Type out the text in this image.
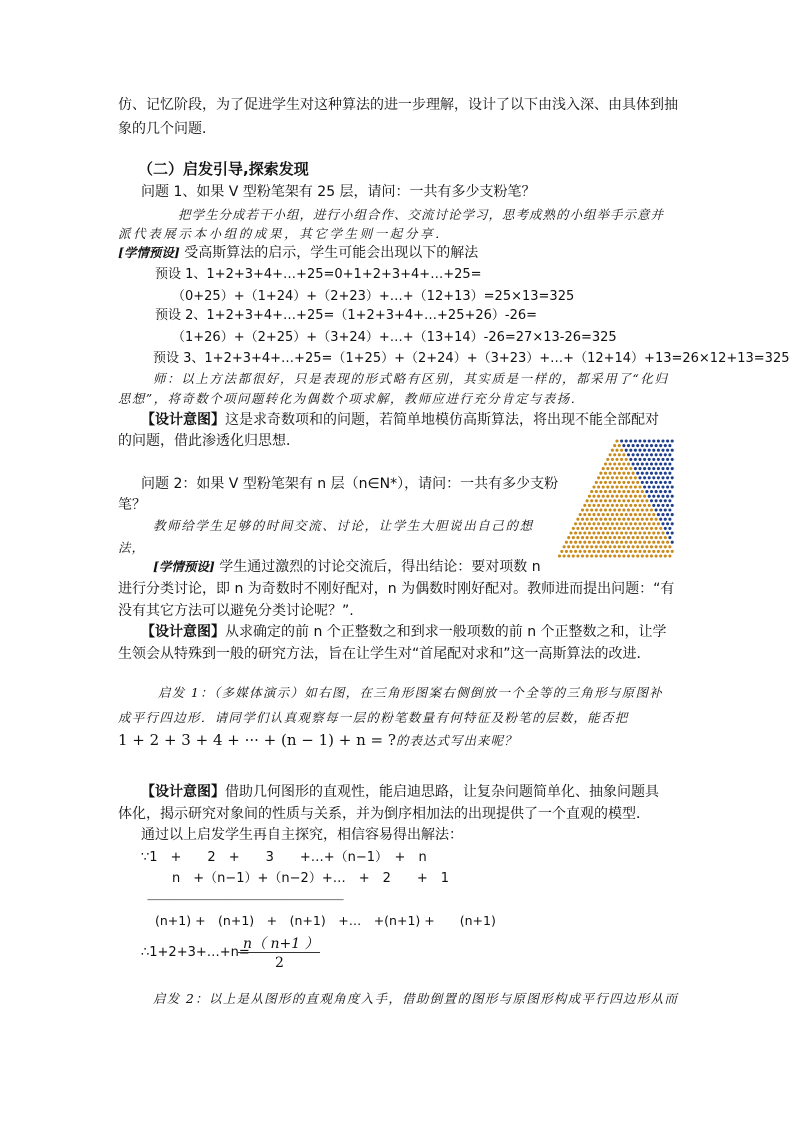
仿、记忆阶段，为了促进学生对这种算法的进一步理解，设计了以下由浅入深、由具体到抽
象的几个问题．
（二）启发引导,探索发现
问题 1、如果 V 型粉笔架有 25 层，请问：一共有多少支粉笔？
把学生分成若干小组，进行小组合作、交流讨论学习，思考成熟的小组举手示意并
派代表展示本小组的成果，其它学生则一起分享．
[学情预设] 受高斯算法的启示，学生可能会出现以下的解法
预设 1、1+2+3+4+…+25=0+1+2+3+4+…+25=
（0+25）+（1+24）+（2+23）+…+（12+13）=25×13=325
预设 2、1+2+3+4+…+25=（1+2+3+4+…+25+26）-26=
（1+26）+（2+25）+（3+24）+…+（13+14）-26=27×13-26=325
预设 3、1+2+3+4+…+25=（1+25）+（2+24）+（3+23）+…+（12+14）+13=26×12+13=325
师：以上方法都很好，只是表现的形式略有区别，其实质是一样的，都采用了“化归
思想”，将奇数个项问题转化为偶数个项求解，教师应进行充分肯定与表扬．
【设计意图】这是求奇数项和的问题，若简单地模仿高斯算法，将出现不能全部配对
的问题，借此渗透化归思想．
问题 2：如果 V 型粉笔架有 n 层（n∈N*），请问：一共有多少支粉
笔？
教师给学生足够的时间交流、讨论，让学生大胆说出自己的想
法，
[学情预设] 学生通过激烈的讨论交流后，得出结论：要对项数 n
进行分类讨论，即 n 为奇数时不刚好配对，n 为偶数时刚好配对。教师进而提出问题：“有
没有其它方法可以避免分类讨论呢？”.
【设计意图】从求确定的前 n 个正整数之和到求一般项数的前 n 个正整数之和，让学
生领会从特殊到一般的研究方法，旨在让学生对“首尾配对求和”这一高斯算法的改进．
启发 1：（多媒体演示）如右图，在三角形图案右侧倒放一个全等的三角形与原图补
成平行四边形．请同学们认真观察每一层的粉笔数量有何特征及粉笔的层数，能否把
1 + 2 + 3 + 4 + ··· + (n − 1) + n = ?的表达式写出来呢？
【设计意图】借助几何图形的直观性，能启迪思路，让复杂问题简单化、抽象问题具
体化，揭示研究对象间的性质与关系，并为倒序相加法的出现提供了一个直观的模型．
通过以上启发学生再自主探究，相信容易得出解法：
∵1　+　　2　+　　3　　+…+（n−1）　+　n
n　+（n−1）+（n−2）+…　+　2　　+　1
————————————————————————————
(n+1) +　(n+1)　+　(n+1)　+…　+(n+1) +　　(n+1)
∴1+2+3+…+n=
n（ n+1 ）
2
启发 2：以上是从图形的直观角度入手，借助倒置的图形与原图形构成平行四边形从而
